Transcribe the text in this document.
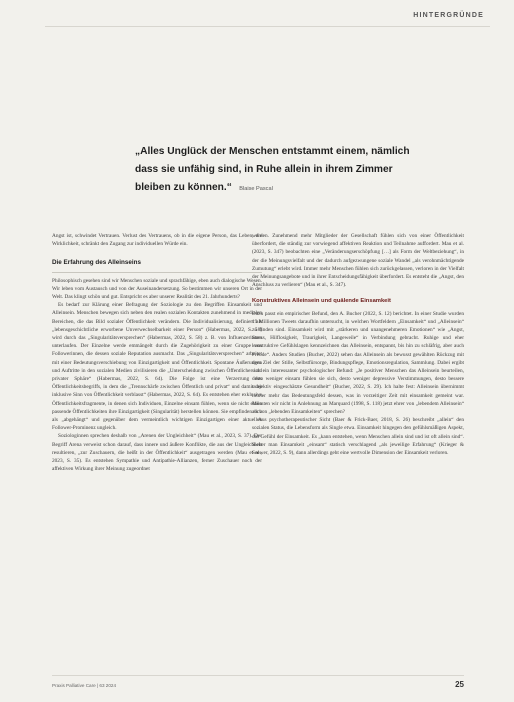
HINTERGRÜNDE
„Alles Unglück der Menschen entstammt einem, nämlich dass sie unfähig sind, in Ruhe allein in ihrem Zimmer bleiben zu können.“ Blaise Pascal

Angst ist, schwindet Vertrauen. Verlust des Vertrauens, ob in die eigene Person, das Leben, die Wirklichkeit, schränkt den Zugang zur individuellen Würde ein.

Die Erfahrung des Alleinseins

Philosophisch gesehen sind wir Menschen soziale und sprachfähige, eben auch dialogische Wesen. Wir leben vom Austausch und von der Auseinandersetzung. So bestimmen wir unseren Ort in der Welt. Das klingt schön und gut. Entspricht es aber unserer Realität des 21. Jahrhunderts?

Es bedarf zur Klärung einer Befragung der Soziologie zu den Begriffen Einsamkeit und Alleinsein. Menschen bewegen sich neben den realen sozialen Kontakten zunehmend in medialen Bereichen, die das Bild sozialer Öffentlichkeit verändern. Die Individualisierung, definiert als „lebensgeschichtliche erworbene Unverwechselbarkeit einer Person“ (Habermas, 2022, S. 58) wird durch das „Singularitätsversprechen“ (Habermas, 2022, S. 58) z. B. von Influenzerinnen unterlaufen. Der Einzelne werde emmängelt durch die Zugehörigkeit zu einer Gruppe von Followerinnen, die dessen soziale Reputation ausmacht. Das „Singularitätsversprechen“ arbeitet mit einer Bedeutungsverschiebung von Einzigartigkeit und Öffentlichkeit. Spontane Äußerungen und Auftritte in den sozialen Medien zivilisieren die „Unterscheidung zwischen Öffentlicher und privater Sphäre“ (Habermas, 2022, S. 64). Die Folge ist eine Verzerrung des Öffentlichkeitsbegriffs, in dem die „Trennschärfe zwischen Öffentlich und privat“ und damit der inklusive Sinn von Öffentlichkeit verblasst“ (Habermas, 2022, S. 64). Es entstehen eher exklusive Öffentlichkeitsfragmente, in denen sich Individuen, Einzelne einsam fühlen, wenn sie nicht einen passende Öffentlichkeiten ihre Einzigartigkeit (Singularität) herstellen können. Sie empfinden sich als „abgehängt“ und gegenüber dem vermeintlich wichtigen Einzigartigen einer aktuellen Follower-Prominenz ungleich.

Soziologinnen sprechen deshalb von „Arenen der Ungleichheit“ (Mau et al., 2023, S. 37). Der Begriff Arena verweist schon darauf, dass innere und äußere Konflikte, die aus der Ungleichheit resultieren, „zur Zuschauern, die heißt in der Öffentlichkeit“ ausgetragen werden (Mau et al., 2023, S. 35). Es entstehen Sympathie und Antipathie-Allianzen, ferner Zuschauer noch der affektiven Wirkung ihrer Meinung zugeordnet

werden. Zunehmend mehr Mitglieder der Gesellschaft fühlen sich von einer Öffentlichkeit überfordert, die ständig zur vorwiegend affektiven Reaktion und Teilnahme auffordert. Mau et al. (2023, S. 347) beobachten eine „Veränderungserschöpfung […] als Form der Weltbeziehung“, in der die Meinungsvielfalt und der dadurch aufgezwungene soziale Wandel „als verohnmächtigende Zumutung“ erlebt wird. Immer mehr Menschen fühlen sich zurückgelassen, verloren in der Vielfalt der Meinungsangebote und in ihrer Entscheidungsfähigkeit überfordert. Es entsteht die „Angst, den Anschluss zu verlieren“ (Mau et al., S. 347).

Konstruktives Alleinsein und quälende Einsamkeit

Dazu passt ein empirischer Befund, den A. Bucher (2022, S. 12) berichtet. In einer Studie wurden 19 Millionen Tweets daraufhin untersucht, in welchen Wortfeldern „Einsamkeit“ und „Alleinsein“ zu finden sind. Einsamkeit wird mit „stärkeren und unangenehmeren Emotionen“ wie „Angst, Stress, Hilflosigkeit, Traurigkeit, Langeweile“ in Verbindung gebracht. Ruhige und eher konstruktive Gefühlslagen kennzeichnen das Alleinsein, entspannt, bis hin zu schläfrig, aber auch Freude“. Anders Studien (Bucher, 2022) sehen das Alleinsein als bewusst gewählten Rückzug mit dem Ziel der Stille, Selbstfürsorge, Bindungspflege, Emotionsregulation, Sammlung. Dabei ergibt sich ein interessanter psychologischer Befund: „Je positiver Menschen das Alleinsein beurteilen, desto weniger einsam fühlen sie sich, desto weniger depressive Verstimmungen, desto bessere subjektiv eingeschätzte Gesundheit“ (Bucher, 2022, S. 29). Ich halte fest: Alleinsein übernimmt immer mehr das Bedeutungsfeld dessen, was in vorzeitiger Zeit mit einsamkeit gemeint war. Müssten wir nicht in Anlehnung an Marquard (1998, S. 118) jetzt ehrer von „lebendem Alleinsein“ als von „lebenden Einsamkeiten“ sprechen?

Aus psychotherapeutischer Sicht (Baer & Frick-Baer, 2018, S. 26) beschreibt „allein“ den sozialen Status, die Lebensform als Single etwa. Einsamkeit hingegen den gefühlsmäßigen Aspekt, das Gefühl der Einsamkeit. Es „kann entstehen, wenn Menschen allein sind und ist oft allein sind“. Sicher man Einsamkeit „einsam“ statisch verschlagend „als jeweilige Erfahrung“ (Krieger & Seewer, 2022, S. 9), dann allerdings geht eine wertvolle Dimension der Einsamkeit verloren.

Praxis Palliative Care | 63 2024	25
